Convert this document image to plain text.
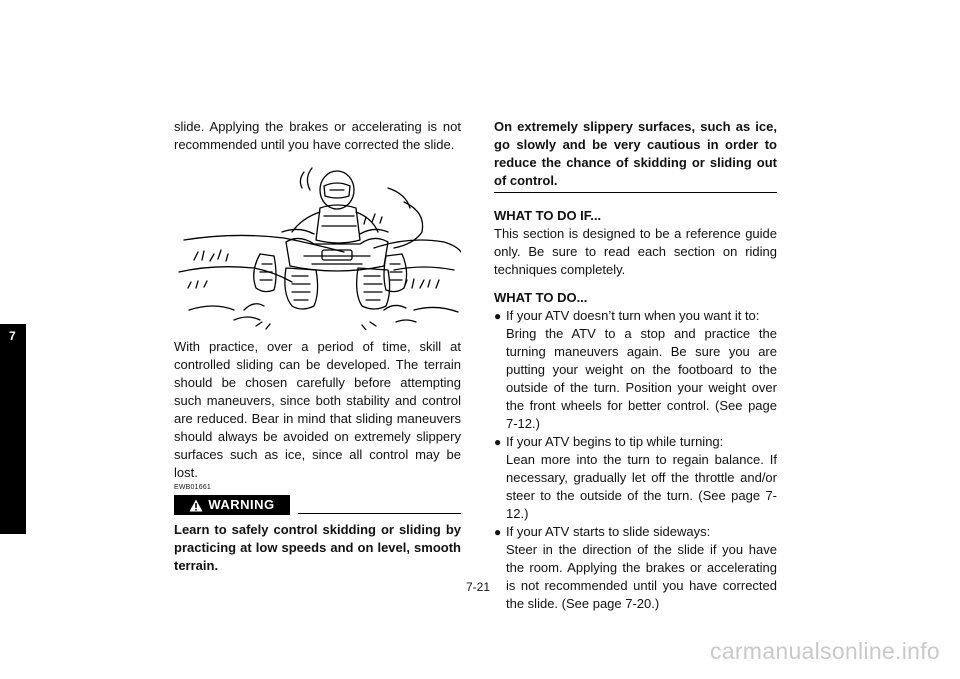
7

slide. Applying the brakes or accelerating is not recommended until you have corrected the slide.

With practice, over a period of time, skill at controlled sliding can be developed. The terrain should be chosen carefully before attempting such maneuvers, since both stability and control are reduced. Bear in mind that sliding maneuvers should always be avoided on extremely slippery surfaces such as ice, since all control may be lost.

EWB01661
WARNING

Learn to safely control skidding or sliding by practicing at low speeds and on level, smooth terrain.

On extremely slippery surfaces, such as ice, go slowly and be very cautious in order to reduce the chance of skidding or sliding out of control.

WHAT TO DO IF...

This section is designed to be a reference guide only. Be sure to read each section on riding techniques completely.

WHAT TO DO...
● If your ATV doesn’t turn when you want it to:

Bring the ATV to a stop and practice the turning maneuvers again. Be sure you are putting your weight on the footboard to the outside of the turn. Position your weight over the front wheels for better control. (See page 7-12.)

● If your ATV begins to tip while turning:

Lean more into the turn to regain balance. If necessary, gradually let off the throttle and/or steer to the outside of the turn. (See page 7-12.)

● If your ATV starts to slide sideways:

Steer in the direction of the slide if you have the room. Applying the brakes or accelerating is not recommended until you have corrected the slide. (See page 7-20.)

7-21
carmanualsonline.info
